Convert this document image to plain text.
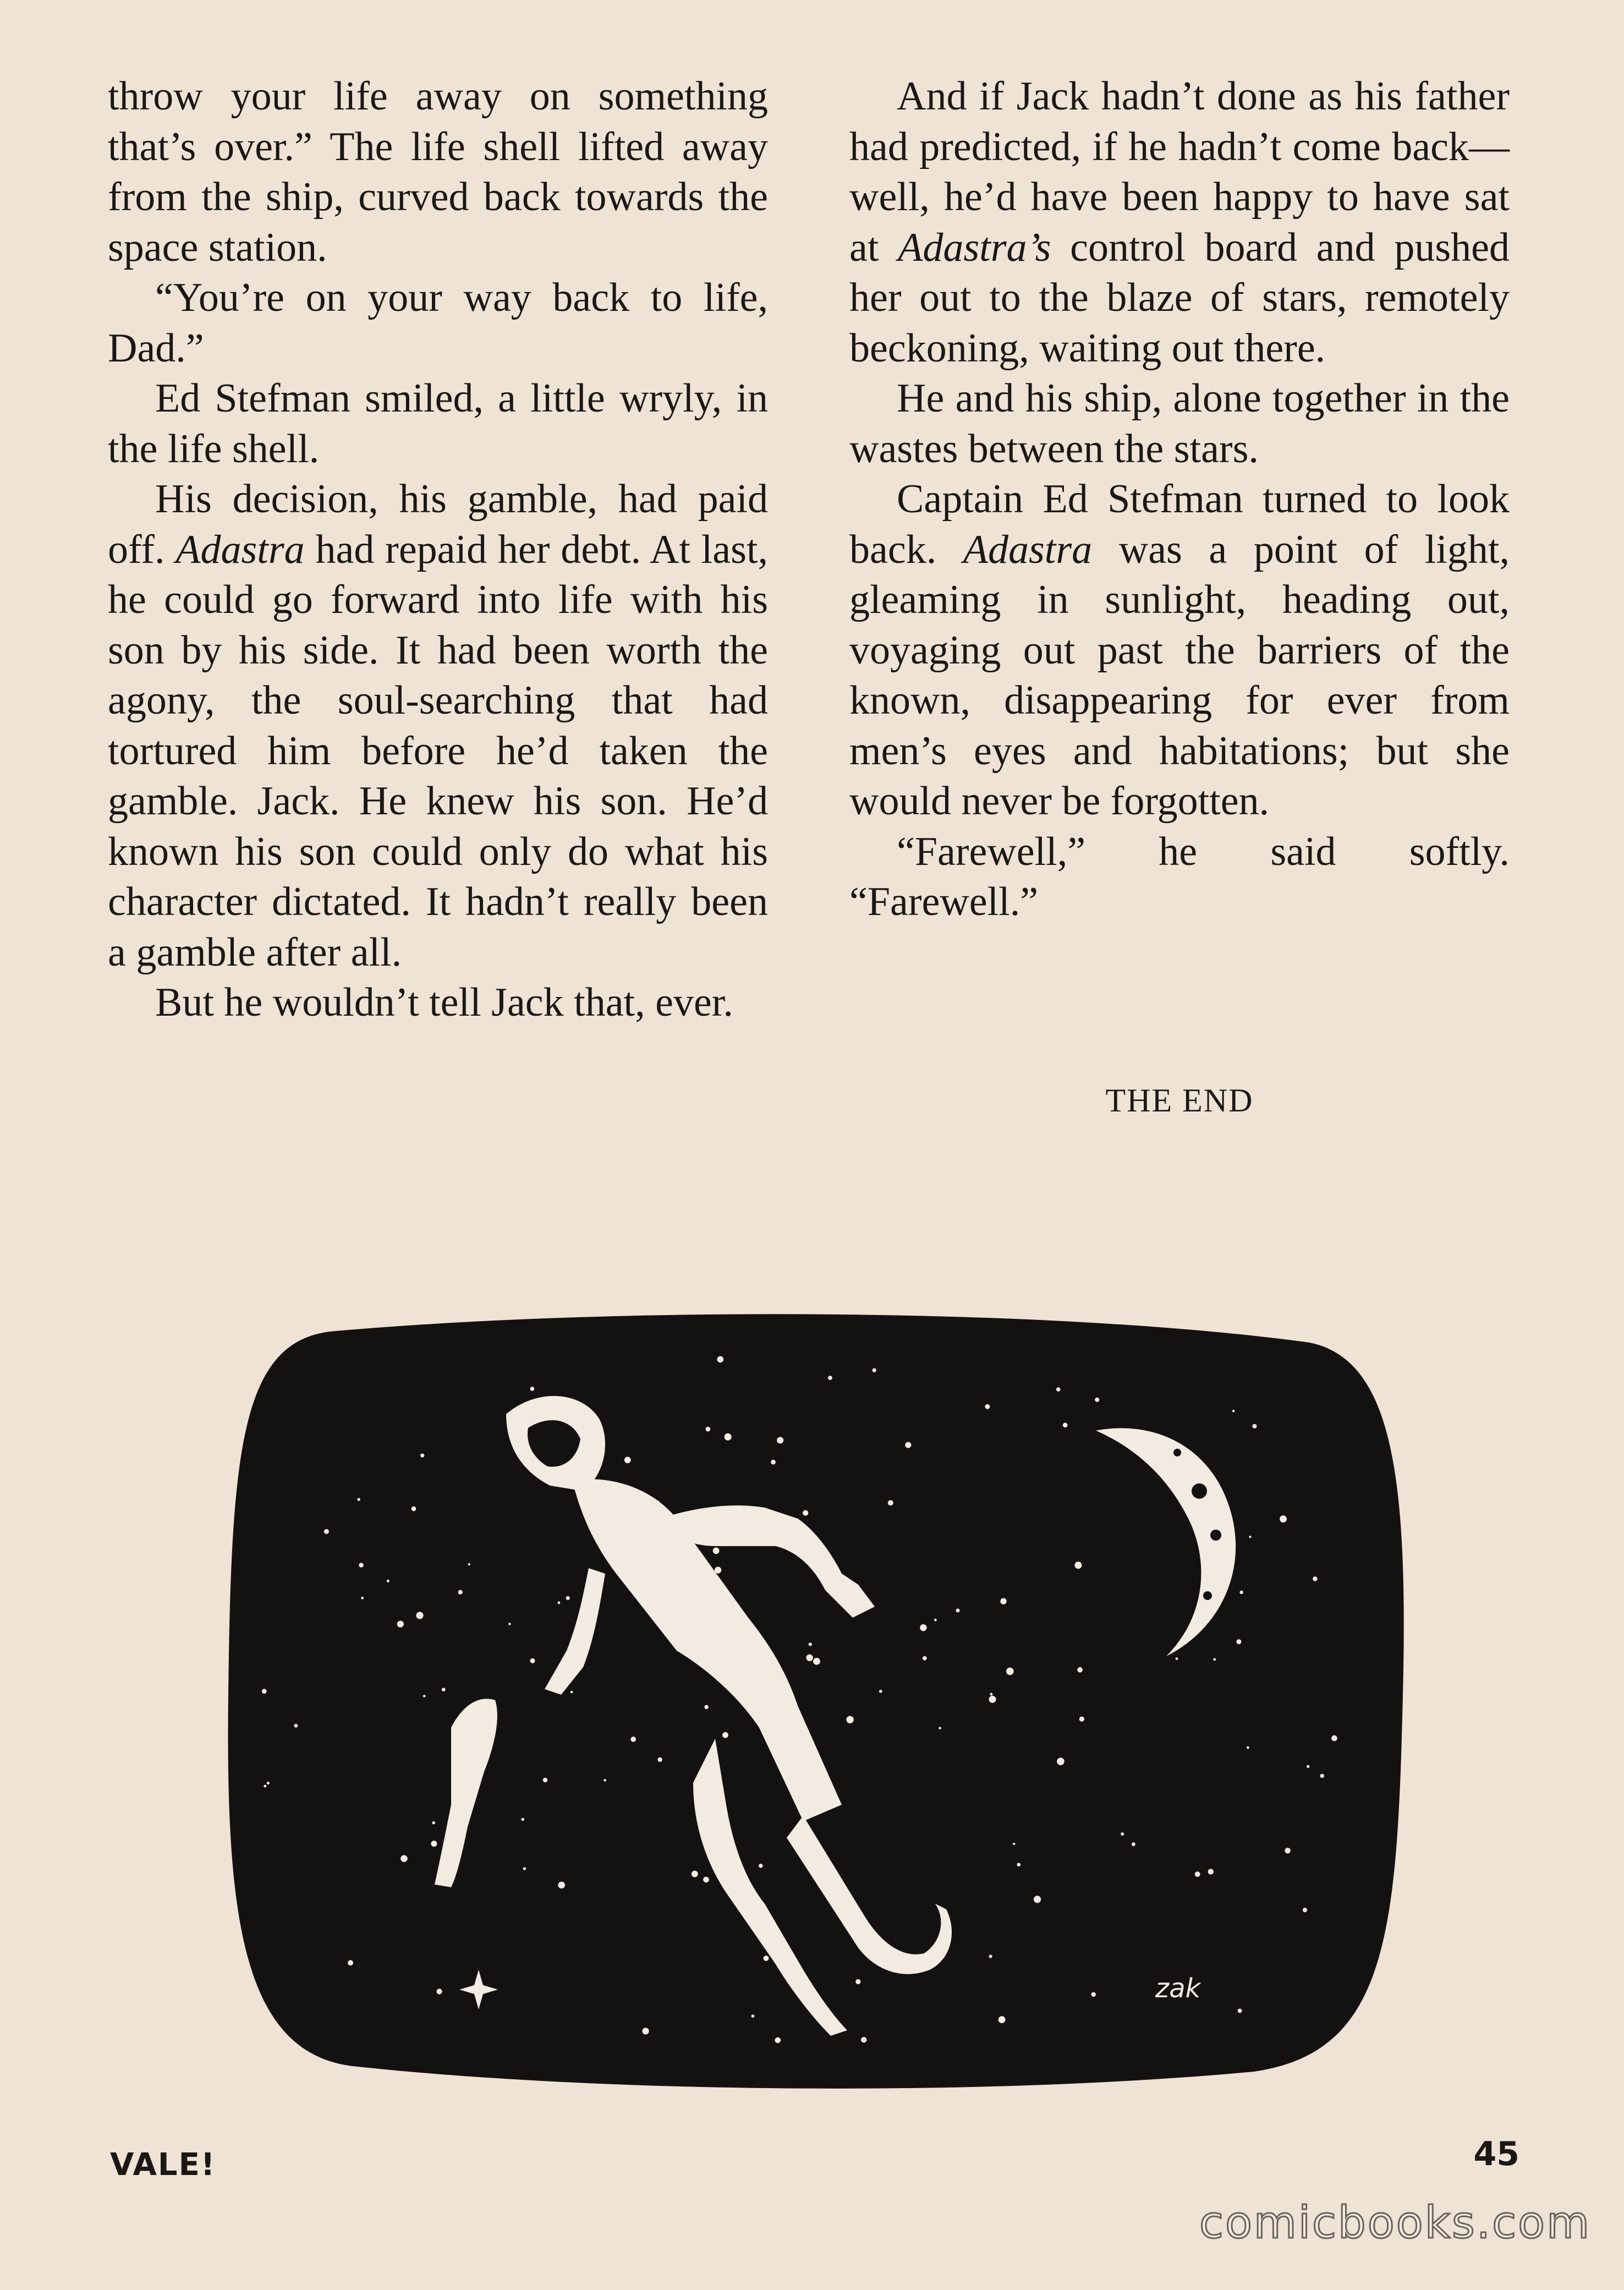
throw your life away on something that’s over.” The life shell lifted away from the ship, curved back towards the space station.

“You’re on your way back to life, Dad.”

Ed Stefman smiled, a little wryly, in the life shell.

His decision, his gamble, had paid off. Adastra had repaid her debt. At last, he could go forward into life with his son by his side. It had been worth the agony, the soul-searching that had tortured him before he’d taken the gamble. Jack. He knew his son. He’d known his son could only do what his character dictated. It hadn’t really been a gamble after all.

But he wouldn’t tell Jack that, ever.

And if Jack hadn’t done as his father had predicted, if he hadn’t come back—well, he’d have been happy to have sat at Adastra’s control board and pushed her out to the blaze of stars, remotely beckoning, waiting out there.

He and his ship, alone together in the wastes between the stars.

Captain Ed Stefman turned to look back. Adastra was a point of light, gleaming in sunlight, heading out, voyaging out past the barriers of the known, disappearing for ever from men’s eyes and habitations; but she would never be forgotten.

“Farewell,” he said softly. “Farewell.”

THE END
zak
VALE!	45
comicbooks.com
